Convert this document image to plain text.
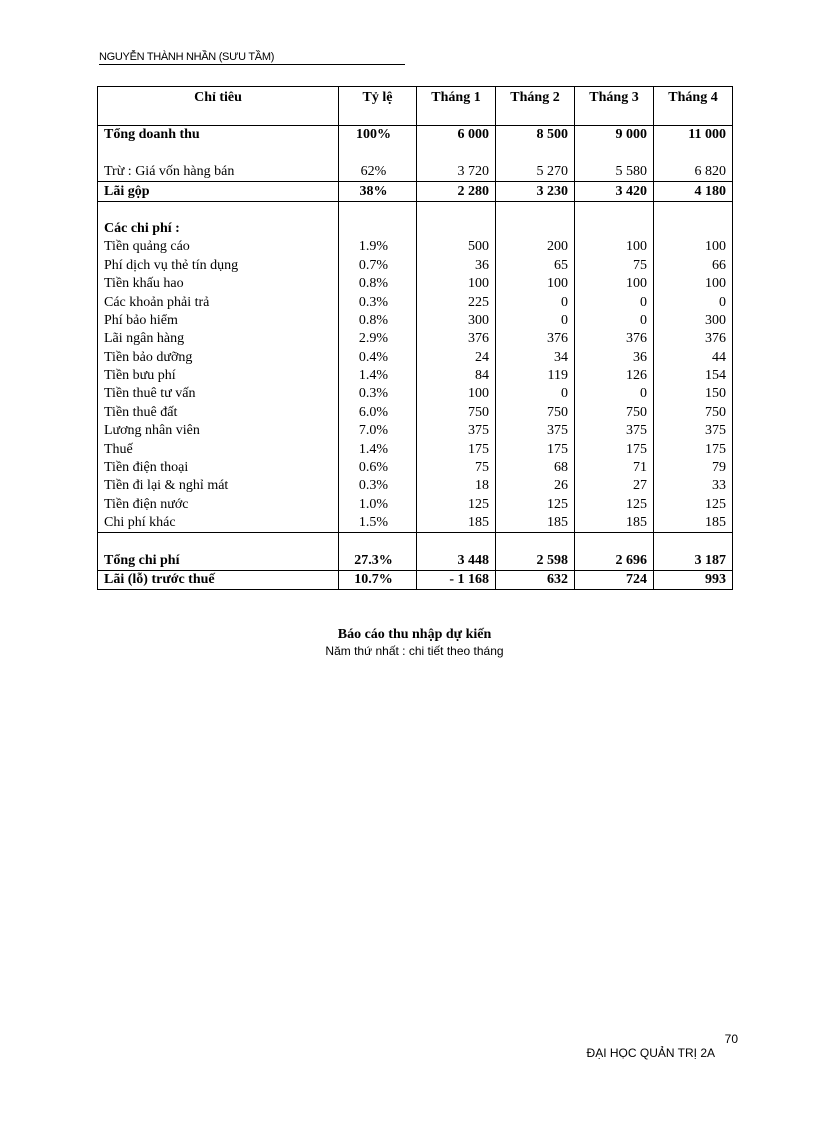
NGUYỄN THÀNH NHẦN (SƯU TẦM)
Chỉ tiêu	Tỷ lệ	Tháng 1	Tháng 2	Tháng 3	Tháng 4
Tổng doanh thu	100%	6 000	8 500	9 000	11 000

Trừ : Giá vốn hàng bán	62%	3 720	5 270	5 580	6 820
Lãi gộp	38%	2 280	3 230	3 420	4 180

Các chi phí :					
Tiền quảng cáo	1.9%	500	200	100	100
Phí dịch vụ thẻ tín dụng	0.7%	36	65	75	66
Tiền khấu hao	0.8%	100	100	100	100
Các khoản phải trả	0.3%	225	0	0	0
Phí bảo hiểm	0.8%	300	0	0	300
Lãi ngân hàng	2.9%	376	376	376	376
Tiền bảo dưỡng	0.4%	24	34	36	44
Tiền bưu phí	1.4%	84	119	126	154
Tiền thuê tư vấn	0.3%	100	0	0	150
Tiền thuê đất	6.0%	750	750	750	750
Lương nhân viên	7.0%	375	375	375	375
Thuế	1.4%	175	175	175	175
Tiền điện thoại	0.6%	75	68	71	79
Tiền đi lại & nghỉ mát	0.3%	18	26	27	33
Tiền điện nước	1.0%	125	125	125	125
Chi phí khác	1.5%	185	185	185	185

Tổng chi phí	27.3%	3 448	2 598	2 696	3 187
Lãi (lỗ) trước thuế	10.7%	- 1 168	632	724	993
Báo cáo thu nhập dự kiến
Năm thứ nhất : chi tiết theo tháng
70
ĐẠI HỌC QUẢN TRỊ 2A
